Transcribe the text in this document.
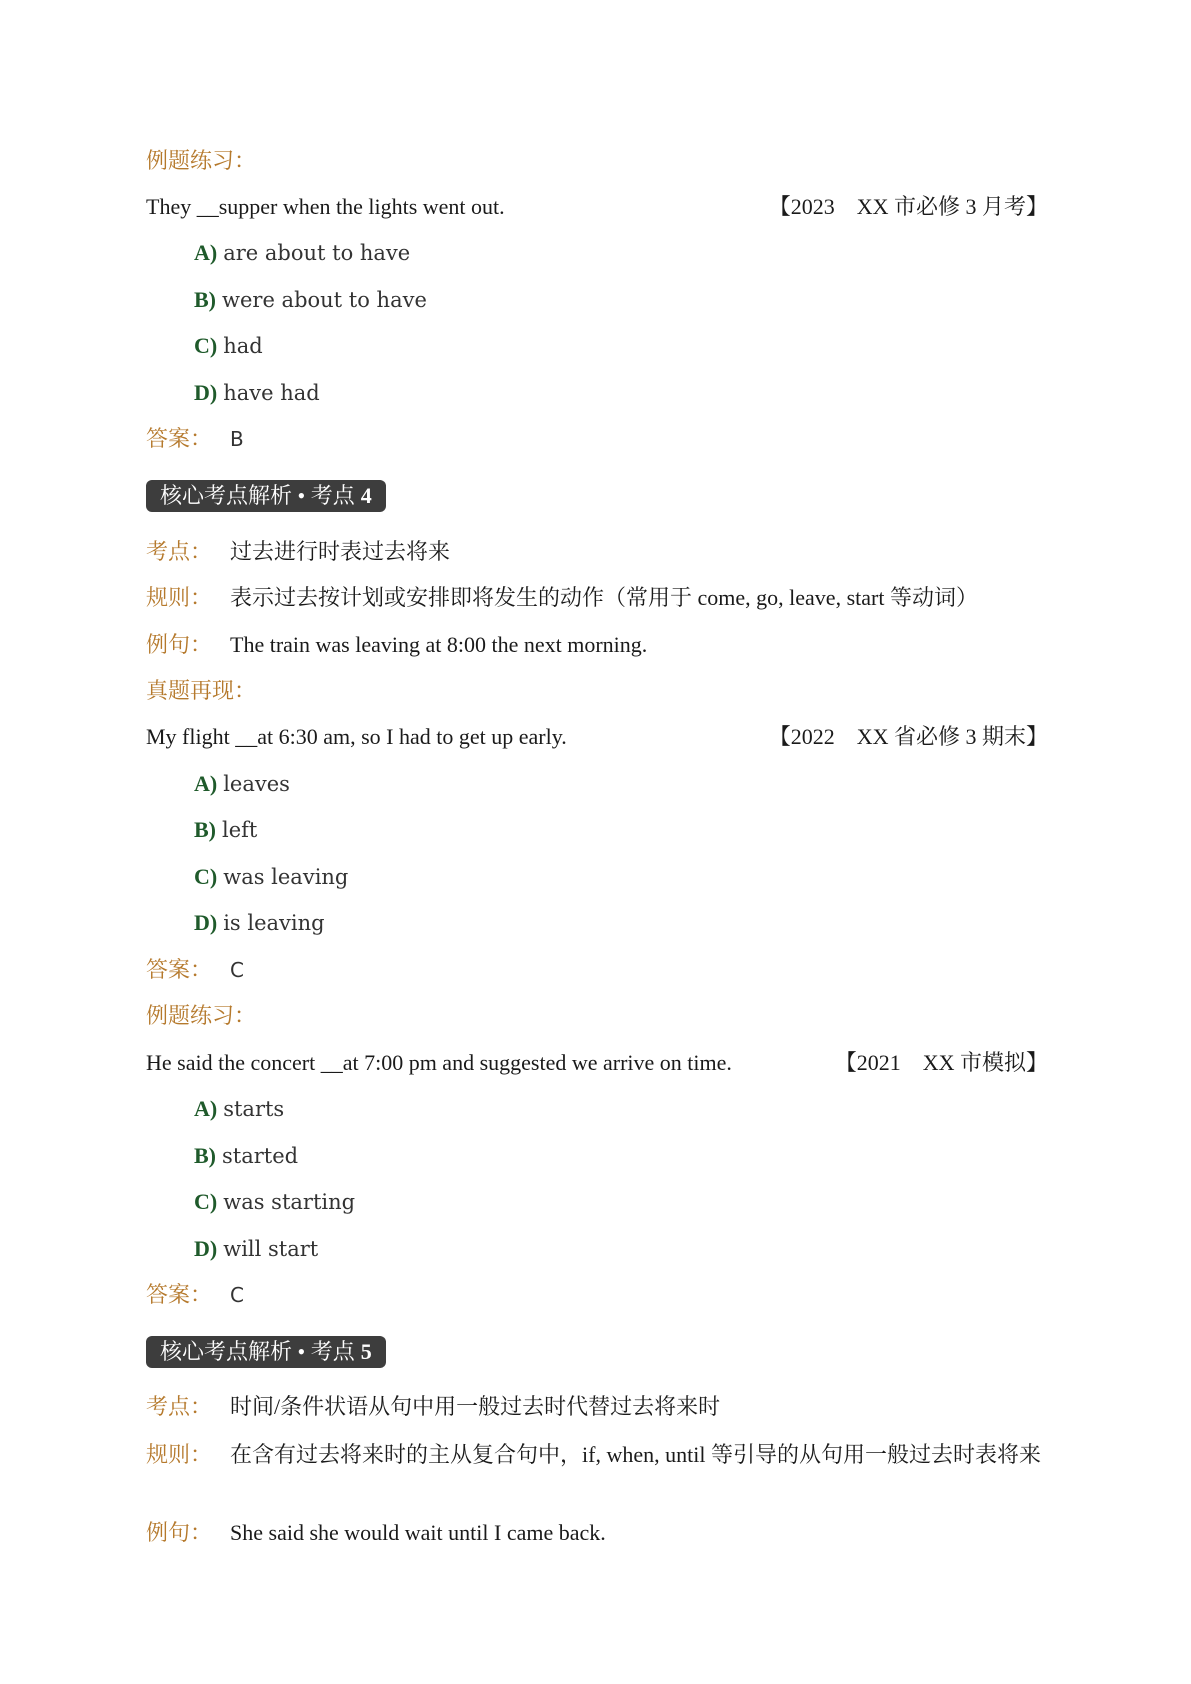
例题练习：
They __supper when the lights went out.	【2023　XX 市必修 3 月考】
A) are about to have
B) were about to have
C) had
D) have had
答案： B
核心考点解析 • 考点 4
考点： 过去进行时表过去将来
规则： 表示过去按计划或安排即将发生的动作（常用于 come, go, leave, start 等动词）
例句： The train was leaving at 8:00 the next morning.
真题再现：
My flight __at 6:30 am, so I had to get up early.	【2022　XX 省必修 3 期末】
A) leaves
B) left
C) was leaving
D) is leaving
答案： C
例题练习：
He said the concert __at 7:00 pm and suggested we arrive on time.	【2021　XX 市模拟】
A) starts
B) started
C) was starting
D) will start
答案： C
核心考点解析 • 考点 5
考点： 时间/条件状语从句中用一般过去时代替过去将来时
规则： 在含有过去将来时的主从复合句中，if, when, until 等引导的从句用一般过去时表将来
例句： She said she would wait until I came back.
